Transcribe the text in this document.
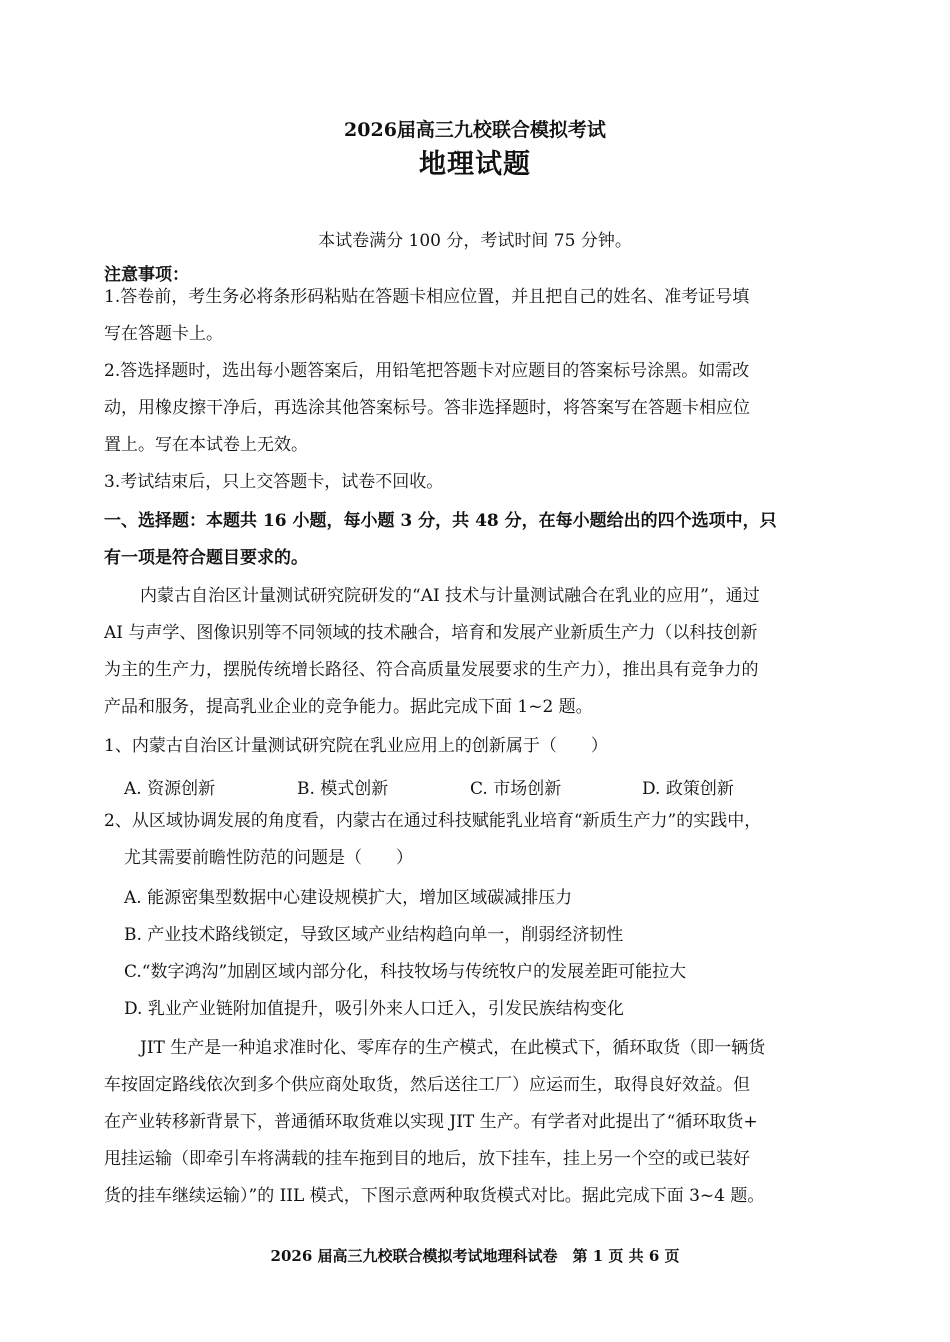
2026届高三九校联合模拟考试
地理试题
本试卷满分 100 分，考试时间 75 分钟。
注意事项：
1.答卷前，考生务必将条形码粘贴在答题卡相应位置，并且把自己的姓名、准考证号填
写在答题卡上。
2.答选择题时，选出每小题答案后，用铅笔把答题卡对应题目的答案标号涂黑。如需改
动，用橡皮擦干净后，再选涂其他答案标号。答非选择题时，将答案写在答题卡相应位
置上。写在本试卷上无效。
3.考试结束后，只上交答题卡，试卷不回收。
一、选择题：本题共 16 小题，每小题 3 分，共 48 分，在每小题给出的四个选项中，只
有一项是符合题目要求的。
内蒙古自治区计量测试研究院研发的“AI 技术与计量测试融合在乳业的应用”，通过
AI 与声学、图像识别等不同领域的技术融合，培育和发展产业新质生产力（以科技创新
为主的生产力，摆脱传统增长路径、符合高质量发展要求的生产力），推出具有竞争力的
产品和服务，提高乳业企业的竞争能力。据此完成下面 1~2 题。
1、内蒙古自治区计量测试研究院在乳业应用上的创新属于（　　）
A. 资源创新	B. 模式创新	C. 市场创新	D. 政策创新
2、从区域协调发展的角度看，内蒙古在通过科技赋能乳业培育“新质生产力”的实践中，
尤其需要前瞻性防范的问题是（　　）
A. 能源密集型数据中心建设规模扩大，增加区域碳减排压力
B. 产业技术路线锁定，导致区域产业结构趋向单一，削弱经济韧性
C.“数字鸿沟”加剧区域内部分化，科技牧场与传统牧户的发展差距可能拉大
D. 乳业产业链附加值提升，吸引外来人口迁入，引发民族结构变化
JIT 生产是一种追求准时化、零库存的生产模式，在此模式下，循环取货（即一辆货
车按固定路线依次到多个供应商处取货，然后送往工厂）应运而生，取得良好效益。但
在产业转移新背景下，普通循环取货难以实现 JIT 生产。有学者对此提出了“循环取货+
甩挂运输（即牵引车将满载的挂车拖到目的地后，放下挂车，挂上另一个空的或已装好
货的挂车继续运输）”的 IIL 模式，下图示意两种取货模式对比。据此完成下面 3~4 题。
2026 届高三九校联合模拟考试地理科试卷　第 1 页 共 6 页
